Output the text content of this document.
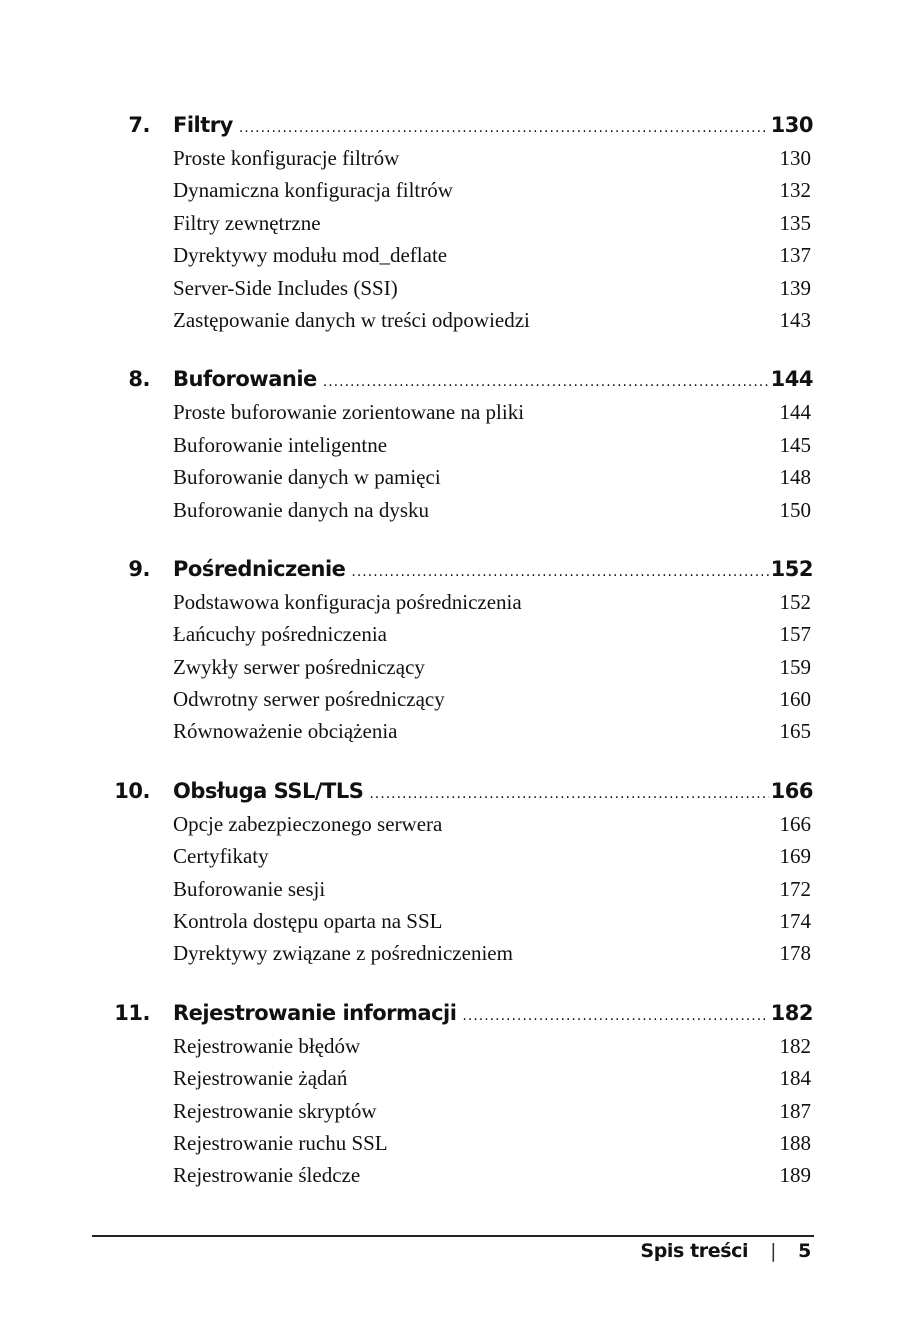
7. Filtry .....	130
Proste konfiguracje filtrów	130
Dynamiczna konfiguracja filtrów	132
Filtry zewnętrzne	135
Dyrektywy modułu mod_deflate	137
Server-Side Includes (SSI)	139
Zastępowanie danych w treści odpowiedzi	143
8. Buforowanie .....	144
Proste buforowanie zorientowane na pliki	144
Buforowanie inteligentne	145
Buforowanie danych w pamięci	148
Buforowanie danych na dysku	150
9. Pośredniczenie .....	152
Podstawowa konfiguracja pośredniczenia	152
Łańcuchy pośredniczenia	157
Zwykły serwer pośredniczący	159
Odwrotny serwer pośredniczący	160
Równoważenie obciążenia	165
10. Obsługa SSL/TLS .....	166
Opcje zabezpieczonego serwera	166
Certyfikaty	169
Buforowanie sesji	172
Kontrola dostępu oparta na SSL	174
Dyrektywy związane z pośredniczeniem	178
11. Rejestrowanie informacji .....	182
Rejestrowanie błędów	182
Rejestrowanie żądań	184
Rejestrowanie skryptów	187
Rejestrowanie ruchu SSL	188
Rejestrowanie śledcze	189
Spis treści | 5
